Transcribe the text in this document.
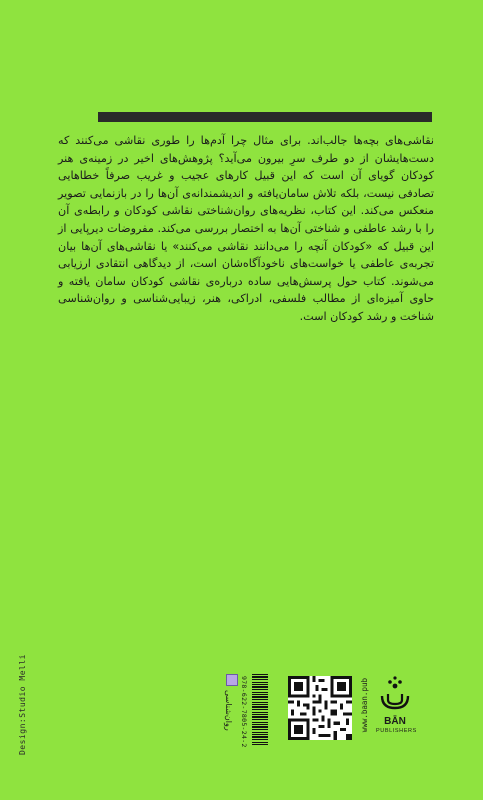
نقاشی‌های بچه‌ها جالب‌اند. برای مثال چرا آدم‌ها را طوری نقاشی می‌کنند که دست‌هایشان از دو طرف سرِ بیرون می‌آید؟ پژوهش‌های اخیر در زمینه‌ی هنر کودکان گویای آن است که این قبیل کارهای عجیب و غریب صرفاً خطاهایی تصادفی نیست، بلکه تلاش سامان‌یافته و اندیشمندانه‌ی آن‌ها را در بازنمایی تصویر منعکس می‌کند. این کتاب، نظریه‌های روان‌شناختی نقاشی کودکان و رابطه‌ی آن را با رشد عاطفی و شناختی آن‌ها به اختصار بررسی می‌کند. مفروضات دیرپایی از این قبیل که «کودکان آنچه را می‌دانند نقاشی می‌کنند» یا نقاشی‌های آن‌ها بیان تجربه‌ی عاطفی یا خواست‌های ناخودآگاه‌شان است، از دیدگاهی انتقادی ارزیابی می‌شوند. کتاب حول پرسش‌هایی ساده درباره‌ی نقاشی کودکان سامان یافته و حاوی آمیزه‌ای از مطالب فلسفی، ادراکی، هنر، زیبایی‌شناسی و روان‌شناسی شناخت و رشد کودکان است.

Design:Studio Melli	روان‌شناسی 978-622-7805-24-2	www.baan.pub	BĀN
PUBLISHERS
